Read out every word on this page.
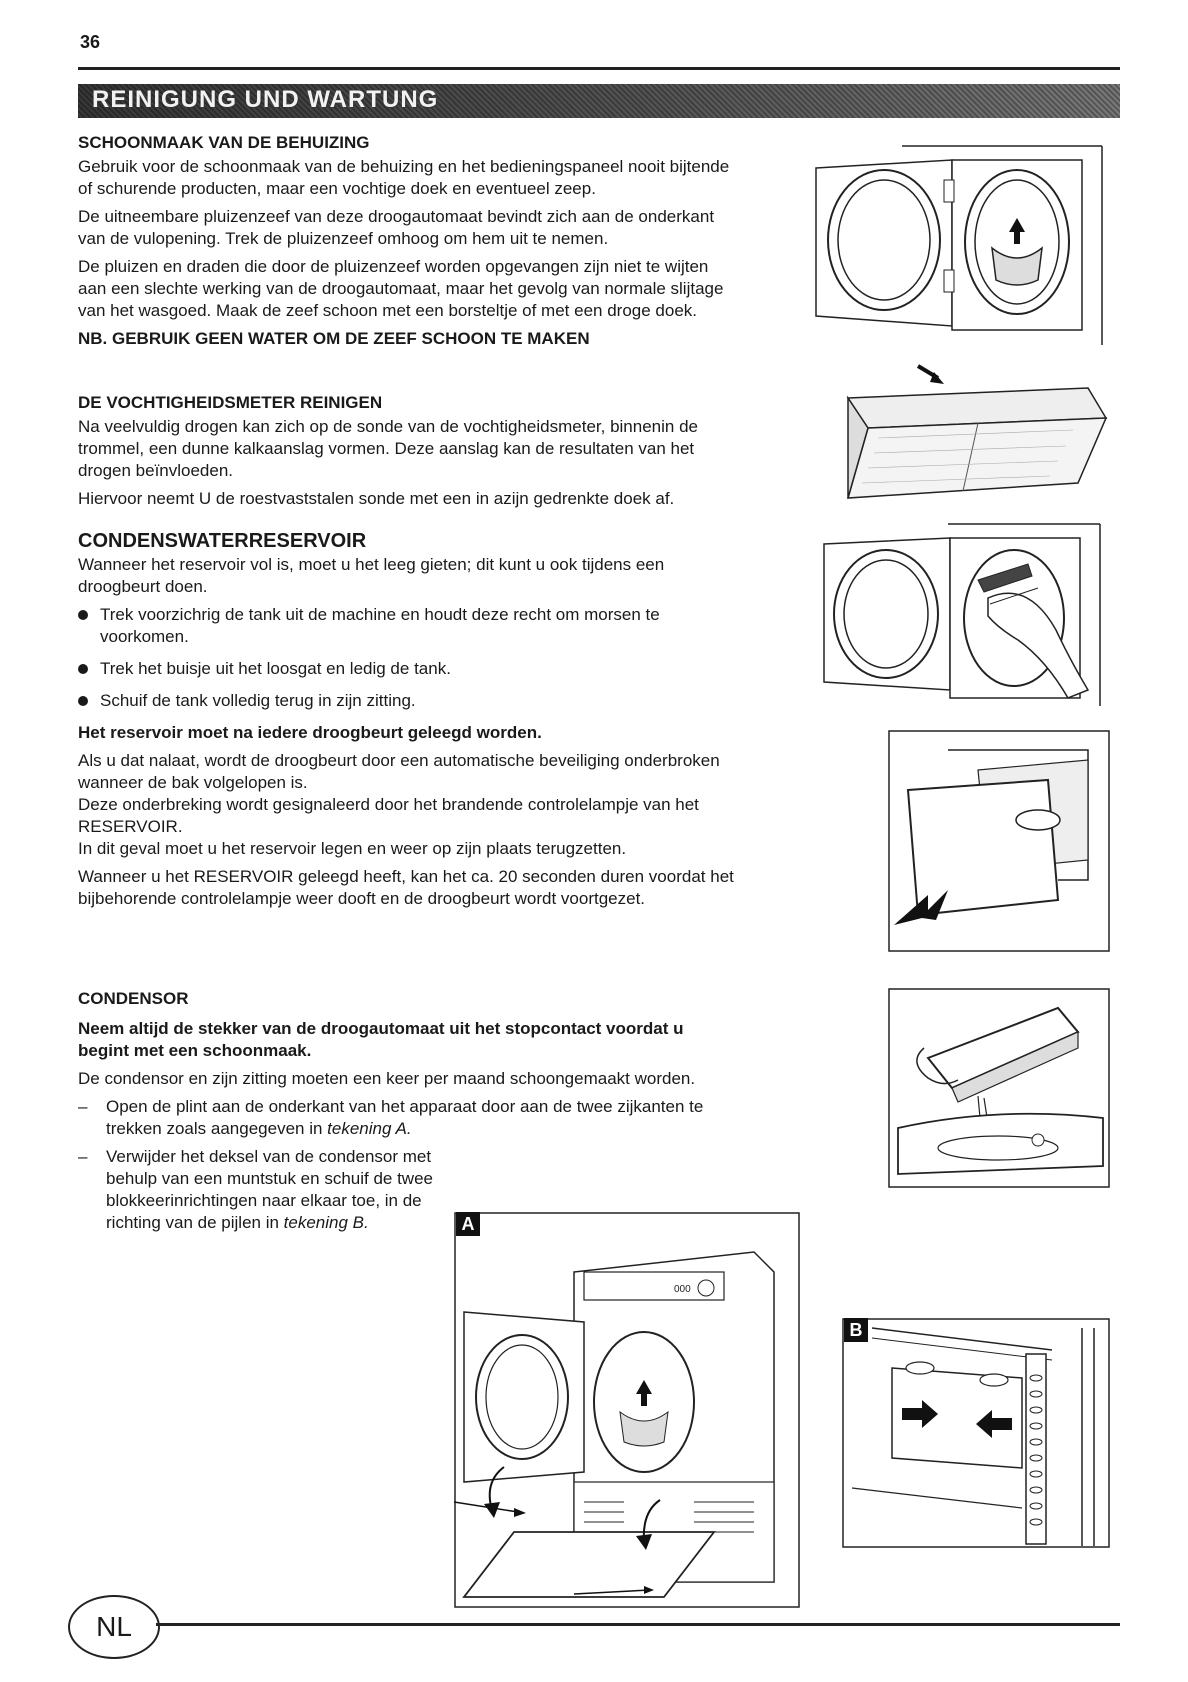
36
REINIGUNG UND WARTUNG
SCHOONMAAK VAN DE BEHUIZING

Gebruik voor de schoonmaak van de behuizing en het bedieningspaneel nooit bijtende of schurende producten, maar een vochtige doek en eventueel zeep.

De uitneembare pluizenzeef van deze droogautomaat bevindt zich aan de onderkant van de vulopening. Trek de pluizenzeef omhoog om hem uit te nemen.

De pluizen en draden die door de pluizenzeef worden opgevangen zijn niet te wijten aan een slechte werking van de droogautomaat, maar het gevolg van normale slijtage van het wasgoed. Maak de zeef schoon met een borsteltje of met een droge doek.

NB. GEBRUIK GEEN WATER OM DE ZEEF SCHOON TE MAKEN
DE VOCHTIGHEIDSMETER REINIGEN

Na veelvuldig drogen kan zich op de sonde van de vochtigheidsmeter, binnenin de trommel, een dunne kalkaanslag vormen. Deze aanslag kan de resultaten van het drogen beïnvloeden.

Hiervoor neemt U de roestvaststalen sonde met een in azijn gedrenkte doek af.

CONDENSWATERRESERVOIR

Wanneer het reservoir vol is, moet u het leeg gieten; dit kunt u ook tijdens een droogbeurt doen.

Trek voorzichrig de tank uit de machine en houdt deze recht om morsen te voorkomen.
Trek het buisje uit het loosgat en ledig de tank.
Schuif de tank volledig terug in zijn zitting.

Het reservoir moet na iedere droogbeurt geleegd worden.

Als u dat nalaat, wordt de droogbeurt door een automatische beveiliging onderbroken wanneer de bak volgelopen is.

Deze onderbreking wordt gesignaleerd door het brandende controlelampje van het RESERVOIR.

In dit geval moet u het reservoir legen en weer op zijn plaats terugzetten.

Wanneer u het RESERVOIR geleegd heeft, kan het ca. 20 seconden duren voordat het bijbehorende controlelampje weer dooft en de droogbeurt wordt voortgezet.

CONDENSOR

Neem altijd de stekker van de droogautomaat uit het stopcontact voordat u begint met een schoonmaak.

De condensor en zijn zitting moeten een keer per maand schoongemaakt worden.

– Open de plint aan de onderkant van het apparaat door aan de twee zijkanten te trekken zoals aangegeven in tekening A.
– Verwijder het deksel van de condensor met behulp van een muntstuk en schuif de twee blokkeerinrichtingen naar elkaar toe, in de richting van de pijlen in tekening B.	A
000
B
NL
